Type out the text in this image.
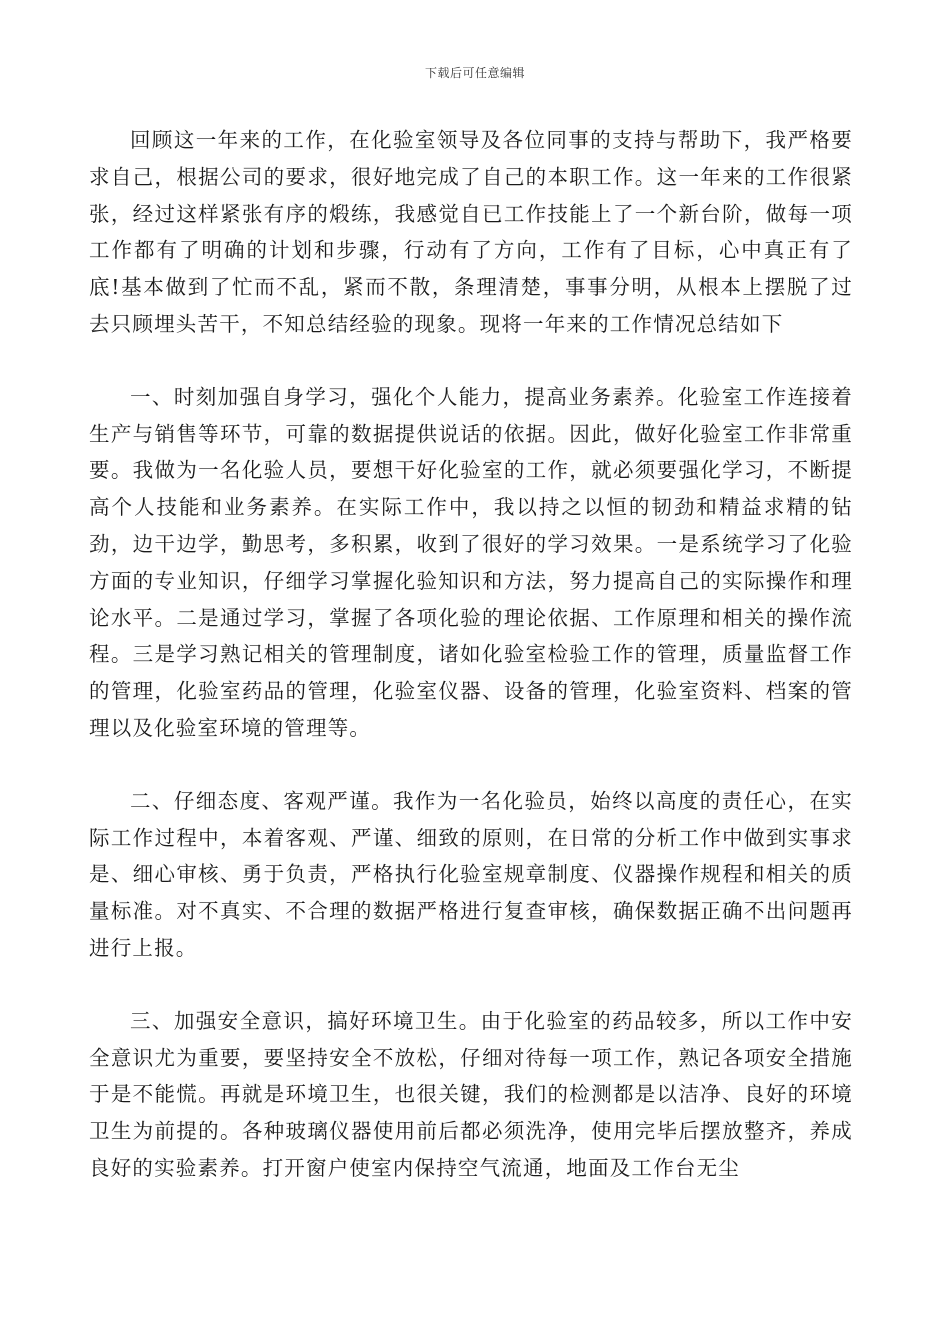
下载后可任意编辑

回顾这一年来的工作，在化验室领导及各位同事的支持与帮助下，我严格要求自己，根据公司的要求，很好地完成了自己的本职工作。这一年来的工作很紧张，经过这样紧张有序的煅练，我感觉自已工作技能上了一个新台阶，做每一项工作都有了明确的计划和步骤，行动有了方向，工作有了目标，心中真正有了底!基本做到了忙而不乱，紧而不散，条理清楚，事事分明，从根本上摆脱了过去只顾埋头苦干，不知总结经验的现象。现将一年来的工作情况总结如下

一、时刻加强自身学习，强化个人能力，提高业务素养。化验室工作连接着生产与销售等环节，可靠的数据提供说话的依据。因此，做好化验室工作非常重要。我做为一名化验人员，要想干好化验室的工作，就必须要强化学习，不断提高个人技能和业务素养。在实际工作中，我以持之以恒的韧劲和精益求精的钻劲，边干边学，勤思考，多积累，收到了很好的学习效果。一是系统学习了化验方面的专业知识，仔细学习掌握化验知识和方法，努力提高自己的实际操作和理论水平。二是通过学习，掌握了各项化验的理论依据、工作原理和相关的操作流程。三是学习熟记相关的管理制度，诸如化验室检验工作的管理，质量监督工作的管理，化验室药品的管理，化验室仪器、设备的管理，化验室资料、档案的管理以及化验室环境的管理等。

二、仔细态度、客观严谨。我作为一名化验员，始终以高度的责任心，在实际工作过程中，本着客观、严谨、细致的原则，在日常的分析工作中做到实事求是、细心审核、勇于负责，严格执行化验室规章制度、仪器操作规程和相关的质量标准。对不真实、不合理的数据严格进行复查审核，确保数据正确不出问题再进行上报。

三、加强安全意识，搞好环境卫生。由于化验室的药品较多，所以工作中安全意识尤为重要，要坚持安全不放松，仔细对待每一项工作，熟记各项安全措施于是不能慌。再就是环境卫生，也很关键，我们的检测都是以洁净、良好的环境卫生为前提的。各种玻璃仪器使用前后都必须洗净，使用完毕后摆放整齐，养成良好的实验素养。打开窗户使室内保持空气流通，地面及工作台无尘
